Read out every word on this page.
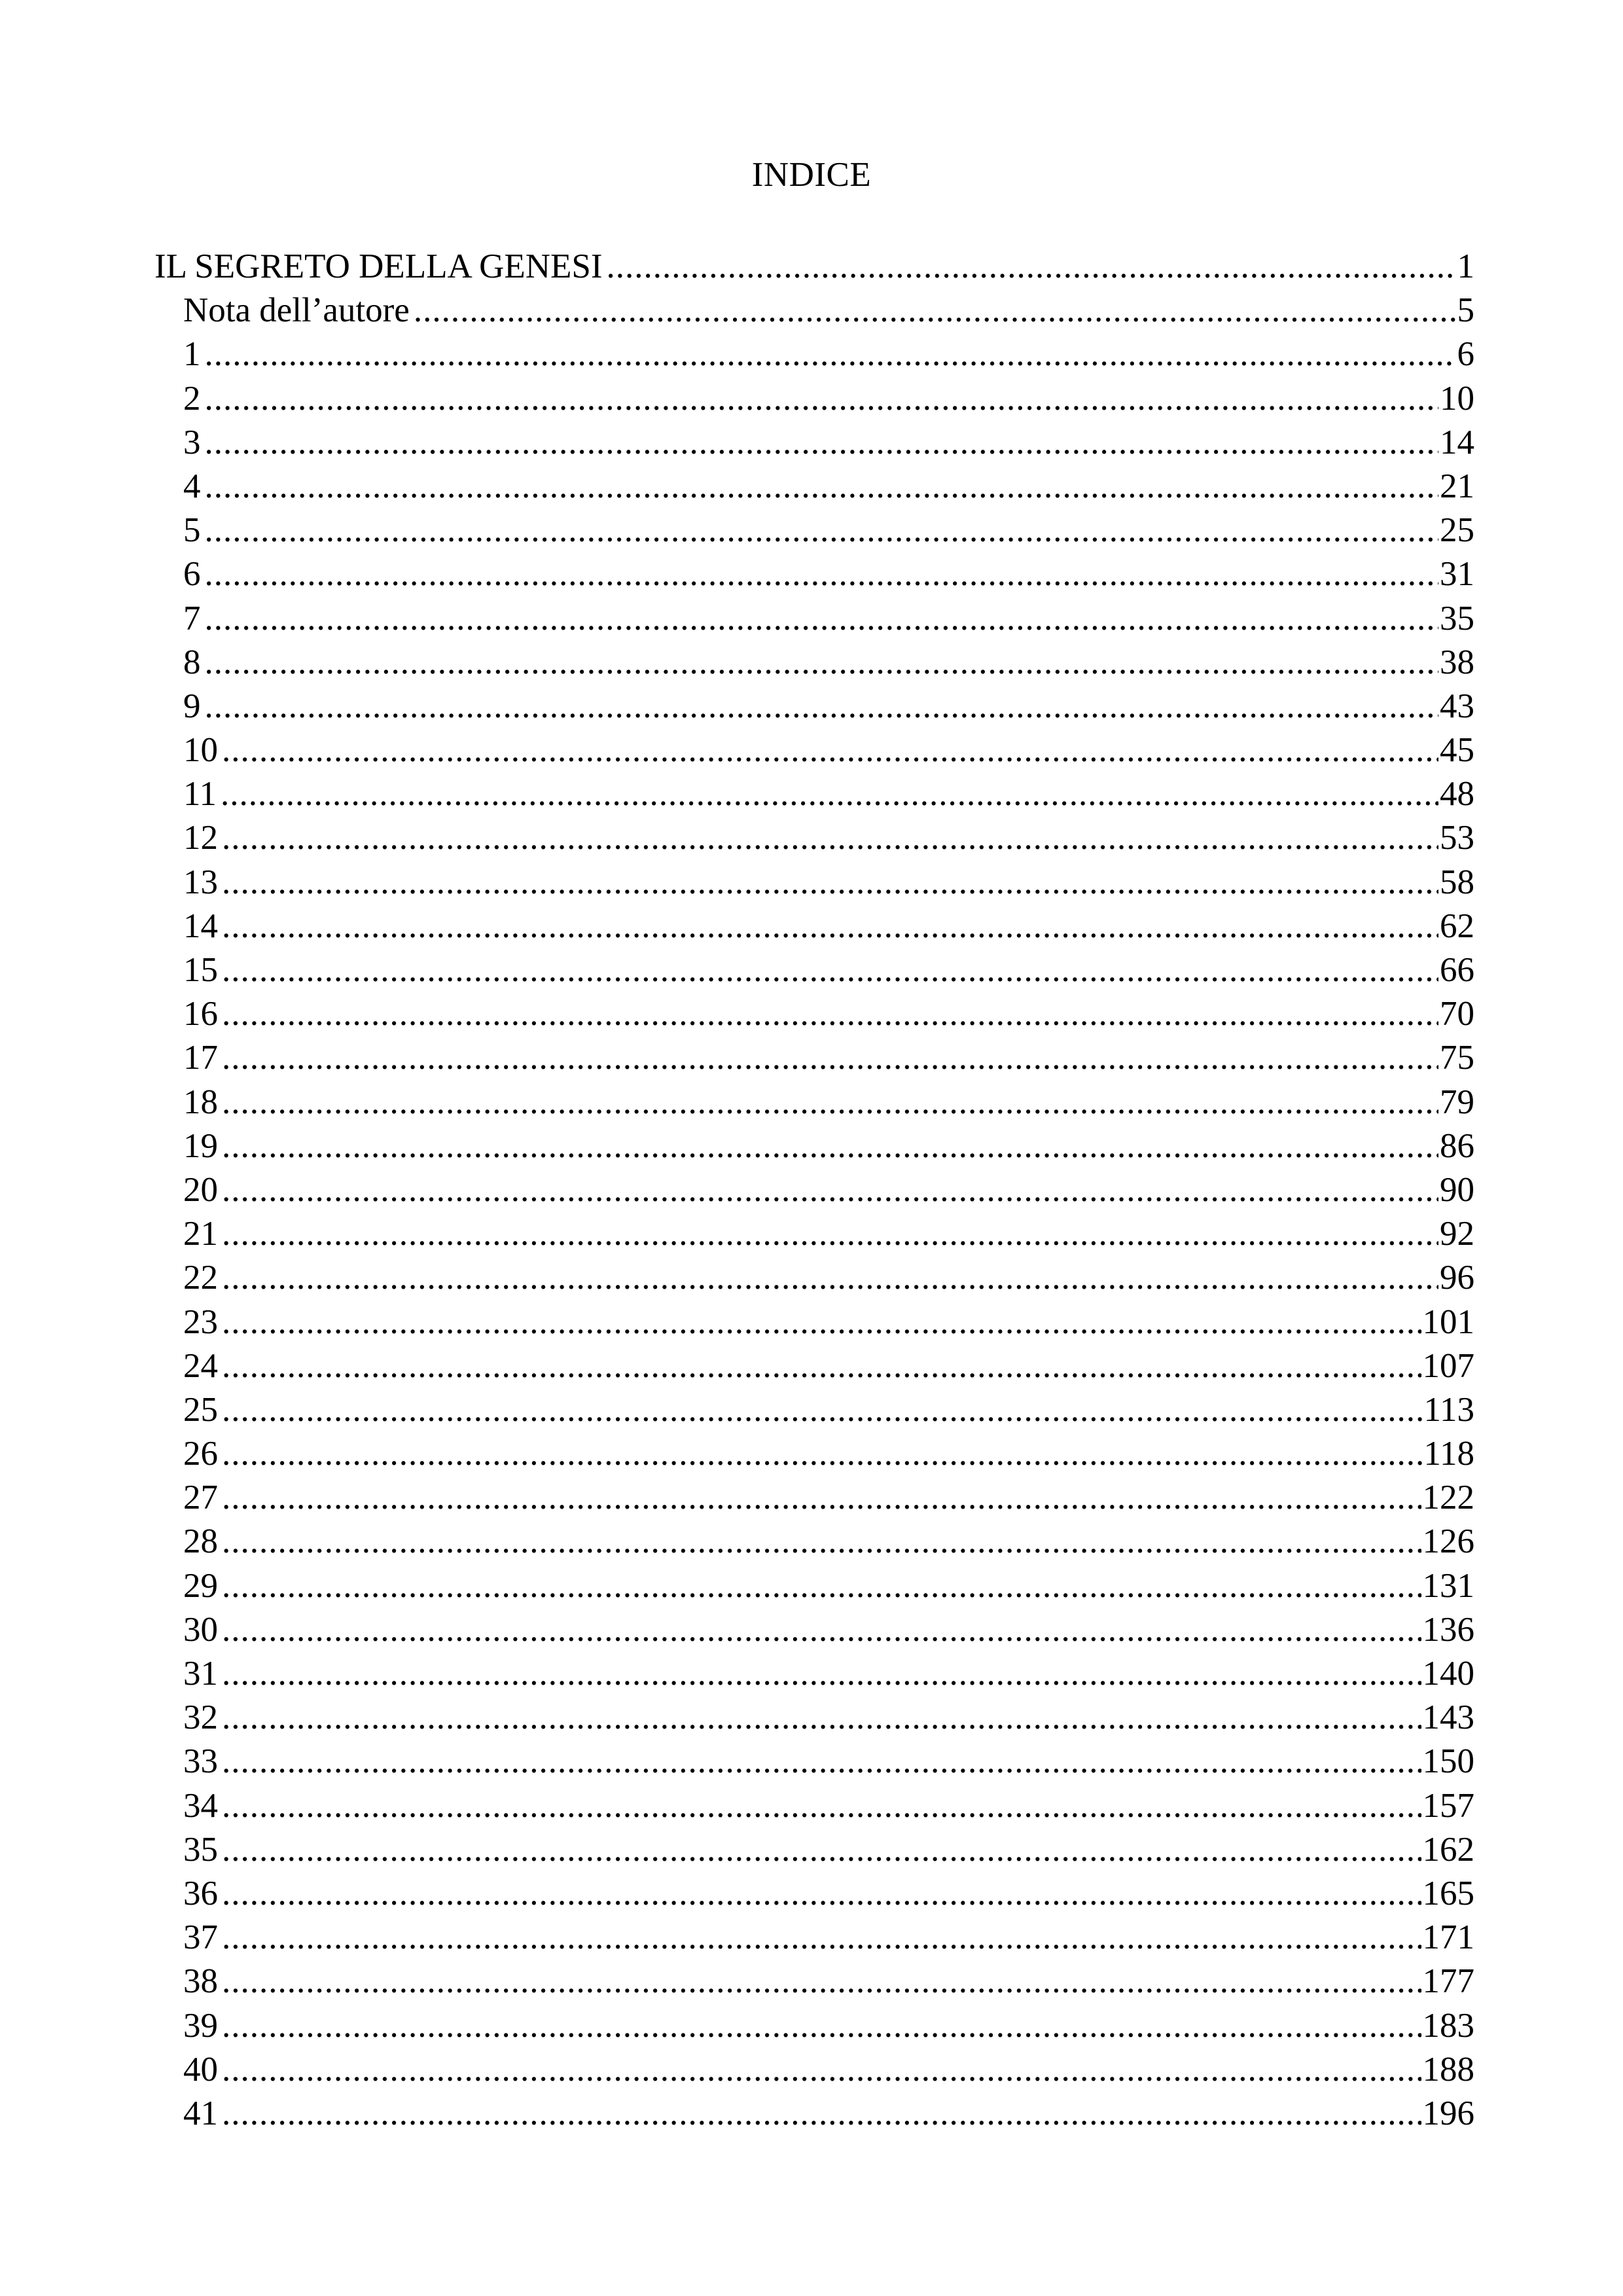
INDICE
IL SEGRETO DELLA GENESI .....	1
Nota dell’autore .....	5
1 .....	6
2 .....	10
3 .....	14
4 .....	21
5 .....	25
6 .....	31
7 .....	35
8 .....	38
9 .....	43
10 .....	45
11 .....	48
12 .....	53
13 .....	58
14 .....	62
15 .....	66
16 .....	70
17 .....	75
18 .....	79
19 .....	86
20 .....	90
21 .....	92
22 .....	96
23 .....	101
24 .....	107
25 .....	113
26 .....	118
27 .....	122
28 .....	126
29 .....	131
30 .....	136
31 .....	140
32 .....	143
33 .....	150
34 .....	157
35 .....	162
36 .....	165
37 .....	171
38 .....	177
39 .....	183
40 .....	188
41 .....	196
